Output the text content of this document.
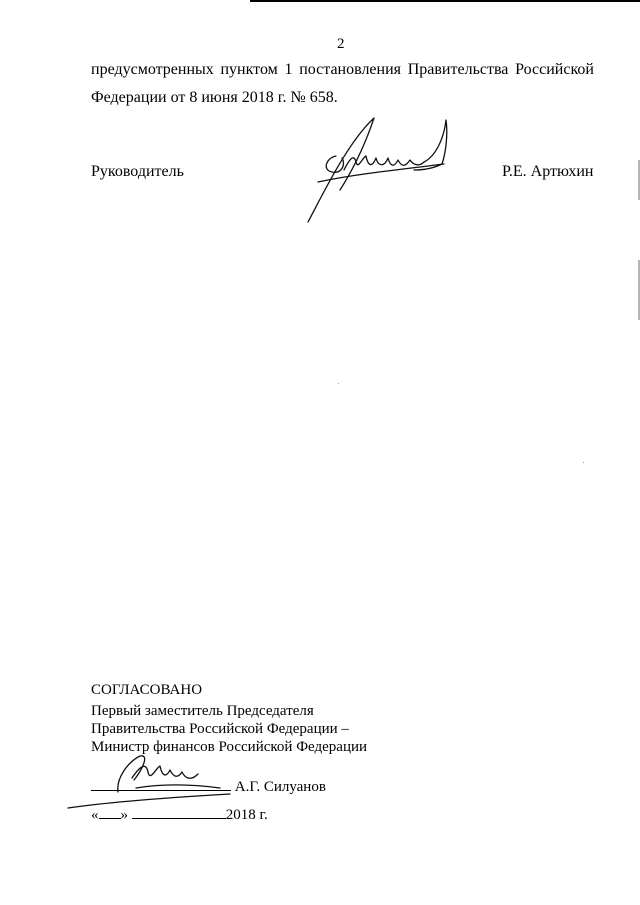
2
предусмотренных пунктом 1 постановления Правительства Российской
Федерации от 8 июня 2018 г. № 658.
Руководитель	Р.Е. Артюхин
СОГЛАСОВАНО
Первый заместитель Председателя
Правительства Российской Федерации –
Министр финансов Российской Федерации
А.Г. Силуанов
« »	2018 г.
